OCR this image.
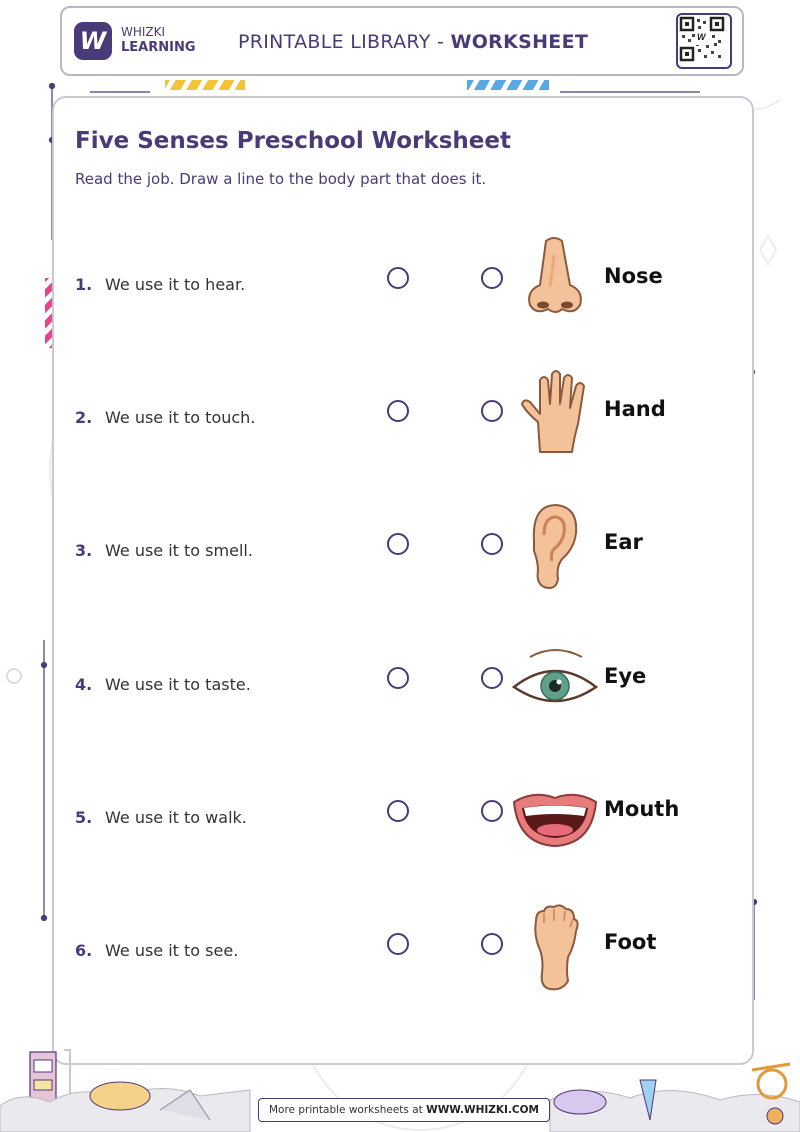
W	WHIZKI
LEARNING PRINTABLE LIBRARY - WORKSHEET	W
Five Senses Preschool Worksheet
Read the job. Draw a line to the body part that does it.
1. We use it to hear.	Nose
2. We use it to touch.	Hand
3. We use it to smell.	Ear
4. We use it to taste.	Eye
5. We use it to walk.	Mouth
6. We use it to see.	Foot
More printable worksheets at WWW.WHIZKI.COM
